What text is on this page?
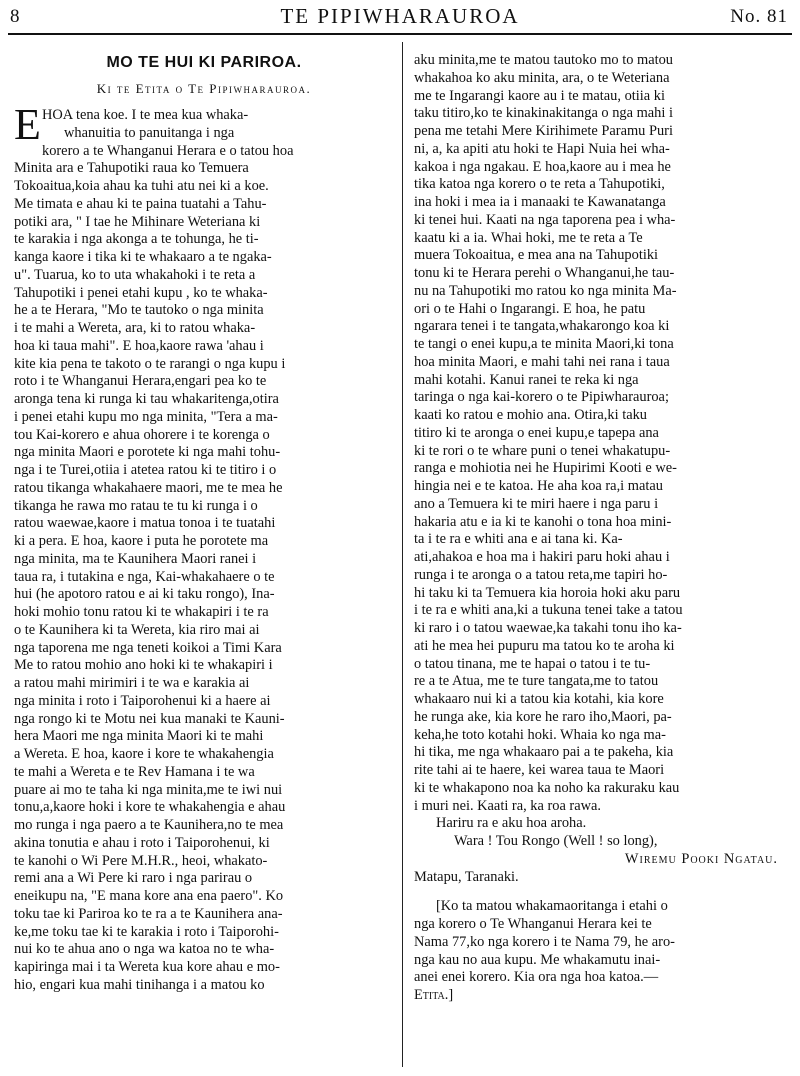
8	TE PIPIWHARAUROA	No. 81
MO TE HUI KI PARIROA.
Ki te Etita o Te Pipiwharauroa.
E HOA tena koe. I te mea kua whaka-
whanuitia to panuitanga i nga
korero a te Whanganui Herara e o tatou hoa
Minita ara e Tahupotiki raua ko Temuera
Tokoaitua,koia ahau ka tuhi atu nei ki a koe.
Me timata e ahau ki te paina tuatahi a Tahu-
potiki ara, " I tae he Mihinare Weteriana ki
te karakia i nga akonga a te tohunga, he ti-
kanga kaore i tika ki te whakaaro a te ngaka-
u". Tuarua, ko to uta whakahoki i te reta a
Tahupotiki i penei etahi kupu , ko te whaka-
he a te Herara, "Mo te tautoko o nga minita
i te mahi a Wereta, ara, ki to ratou whaka-
hoa ki taua mahi". E hoa,kaore rawa 'ahau i
kite kia pena te takoto o te rarangi o nga kupu i
roto i te Whanganui Herara,engari pea ko te
aronga tena ki runga ki tau whakaritenga,otira
i penei etahi kupu mo nga minita, "Tera a ma-
tou Kai-korero e ahua ohorere i te korenga o
nga minita Maori e porotete ki nga mahi tohu-
nga i te Turei,otiia i atetea ratou ki te titiro i o
ratou tikanga whakahaere maori, me te mea he
tikanga he rawa mo ratau te tu ki runga i o
ratou waewae,kaore i matua tonoa i te tuatahi
ki a pera. E hoa, kaore i puta he porotete ma
nga minita, ma te Kaunihera Maori ranei i
taua ra, i tutakina e nga, Kai-whakahaere o te
hui (he apotoro ratou e ai ki taku rongo), Ina-
hoki mohio tonu ratou ki te whakapiri i te ra
o te Kaunihera ki ta Wereta, kia riro mai ai
nga taporena me nga teneti koikoi a Timi Kara
Me to ratou mohio ano hoki ki te whakapiri i
a ratou mahi mirimiri i te wa e karakia ai
nga minita i roto i Taiporohenui ki a haere ai
nga rongo ki te Motu nei kua manaki te Kauni-
hera Maori me nga minita Maori ki te mahi
a Wereta. E hoa, kaore i kore te whakahengia
te mahi a Wereta e te Rev Hamana i te wa
puare ai mo te taha ki nga minita,me te iwi nui
tonu,a,kaore hoki i kore te whakahengia e ahau
mo runga i nga paero a te Kaunihera,no te mea
akina tonutia e ahau i roto i Taiporohenui, ki
te kanohi o Wi Pere M.H.R., heoi, whakato-
remi ana a Wi Pere ki raro i nga parirau o
eneikupu na, "E mana kore ana ena paero". Ko
toku tae ki Pariroa ko te ra a te Kaunihera ana-
ke,me toku tae ki te karakia i roto i Taiporohi-
nui ko te ahua ano o nga wa katoa no te wha-
kapiringa mai i ta Wereta kua kore ahau e mo-
hio, engari kua mahi tinihanga i a matou ko
aku minita,me te matou tautoko mo to matou
whakahoa ko aku minita, ara, o te Weteriana
me te Ingarangi kaore au i te matau, otiia ki
taku titiro,ko te kinakinakitanga o nga mahi i
pena me tetahi Mere Kirihimete Paramu Puri
ni, a, ka apiti atu hoki te Hapi Nuia hei wha-
kakoa i nga ngakau. E hoa,kaore au i mea he
tika katoa nga korero o te reta a Tahupotiki,
ina hoki i mea ia i manaaki te Kawanatanga
ki tenei hui. Kaati na nga taporena pea i wha-
kaatu ki a ia. Whai hoki, me te reta a Te
muera Tokoaitua, e mea ana na Tahupotiki
tonu ki te Herara perehi o Whanganui,he tau-
nu na Tahupotiki mo ratou ko nga minita Ma-
ori o te Hahi o Ingarangi. E hoa, he patu
ngarara tenei i te tangata,whakarongo koa ki
te tangi o enei kupu,a te minita Maori,ki tona
hoa minita Maori, e mahi tahi nei rana i taua
mahi kotahi. Kanui ranei te reka ki nga
taringa o nga kai-korero o te Pipiwharauroa;
kaati ko ratou e mohio ana. Otira,ki taku
titiro ki te aronga o enei kupu,e tapepa ana
ki te rori o te whare puni o tenei whakatupu-
ranga e mohiotia nei he Hupirimi Kooti e we-
hingia nei e te katoa. He aha koa ra,i matau
ano a Temuera ki te miri haere i nga paru i
hakaria atu e ia ki te kanohi o tona hoa mini-
ta i te ra e whiti ana e ai tana ki. Ka-
ati,ahakoa e hoa ma i hakiri paru hoki ahau i
runga i te aronga o a tatou reta,me tapiri ho-
hi taku ki ta Temuera kia horoia hoki aku paru
i te ra e whiti ana,ki a tukuna tenei take a tatou
ki raro i o tatou waewae,ka takahi tonu iho ka-
ati he mea hei pupuru ma tatou ko te aroha ki
o tatou tinana, me te hapai o tatou i te tu-
re a te Atua, me te ture tangata,me to tatou
whakaaro nui ki a tatou kia kotahi, kia kore
he runga ake, kia kore he raro iho,Maori, pa-
keha,he toto kotahi hoki. Whaia ko nga ma-
hi tika, me nga whakaaro pai a te pakeha, kia
rite tahi ai te haere, kei warea taua te Maori
ki te whakapono noa ka noho ka rakuraku kau
i muri nei. Kaati ra, ka roa rawa.
Hariru ra e aku hoa aroha.
Wara ! Tou Rongo (Well ! so long),
Wiremu Pooki Ngatau.
Matapu, Taranaki.
[Ko ta matou whakamaoritanga i etahi o
nga korero o Te Whanganui Herara kei te
Nama 77,ko nga korero i te Nama 79, he aro-
nga kau no aua kupu. Me whakamutu inai-
anei enei korero. Kia ora nga hoa katoa.—
Etita.]
